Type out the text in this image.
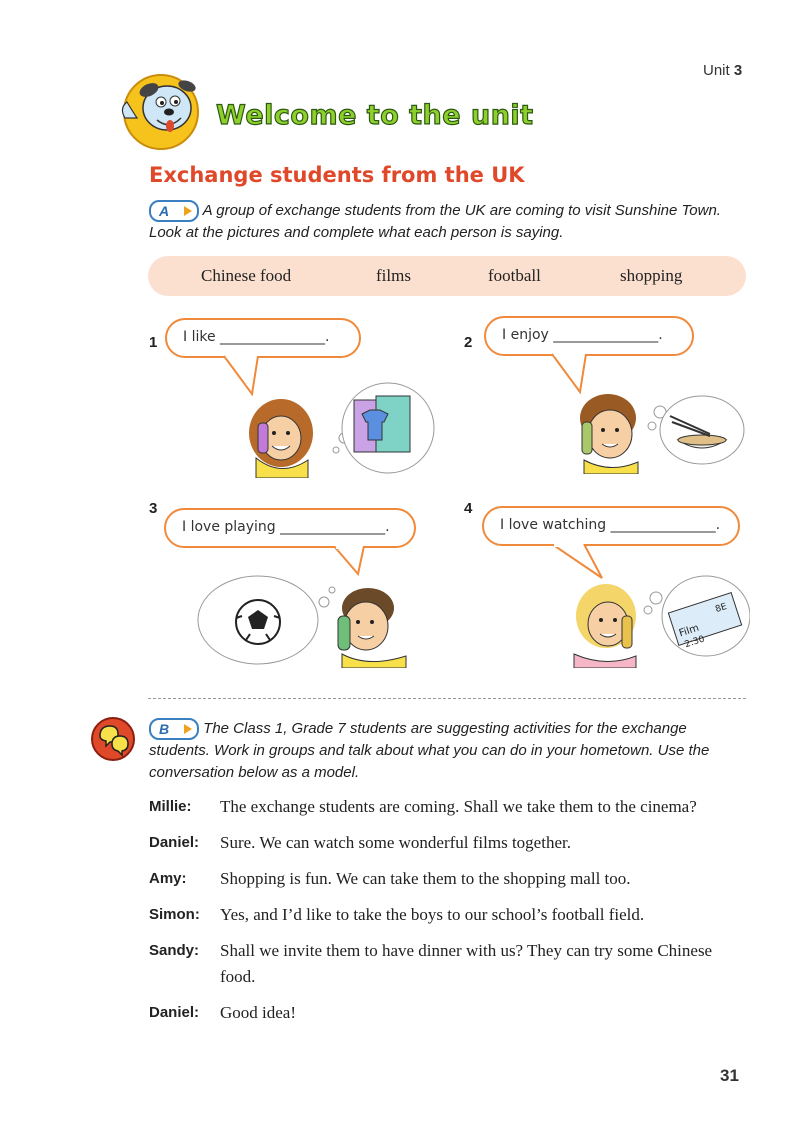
Unit 3
Welcome to the unit
Exchange students from the UK
A A group of exchange students from the UK are coming to visit Sunshine Town. Look at the pictures and complete what each person is saying.
Chinese food	films	football	shopping
1	I like _______________.	2	I enjoy _______________.
3
I love playing _______________.
4
I love watching _______________.
Film
2:30
8E
B The Class 1, Grade 7 students are suggesting activities for the exchange students. Work in groups and talk about what you can do in your hometown. Use the conversation below as a model.
Millie:	The exchange students are coming. Shall we take them to the cinema?
Daniel:	Sure. We can watch some wonderful films together.
Amy:	Shopping is fun. We can take them to the shopping mall too.
Simon:	Yes, and I’d like to take the boys to our school’s football field.
Sandy:	Shall we invite them to have dinner with us? They can try some Chinese food.
Daniel:	Good idea!
31
